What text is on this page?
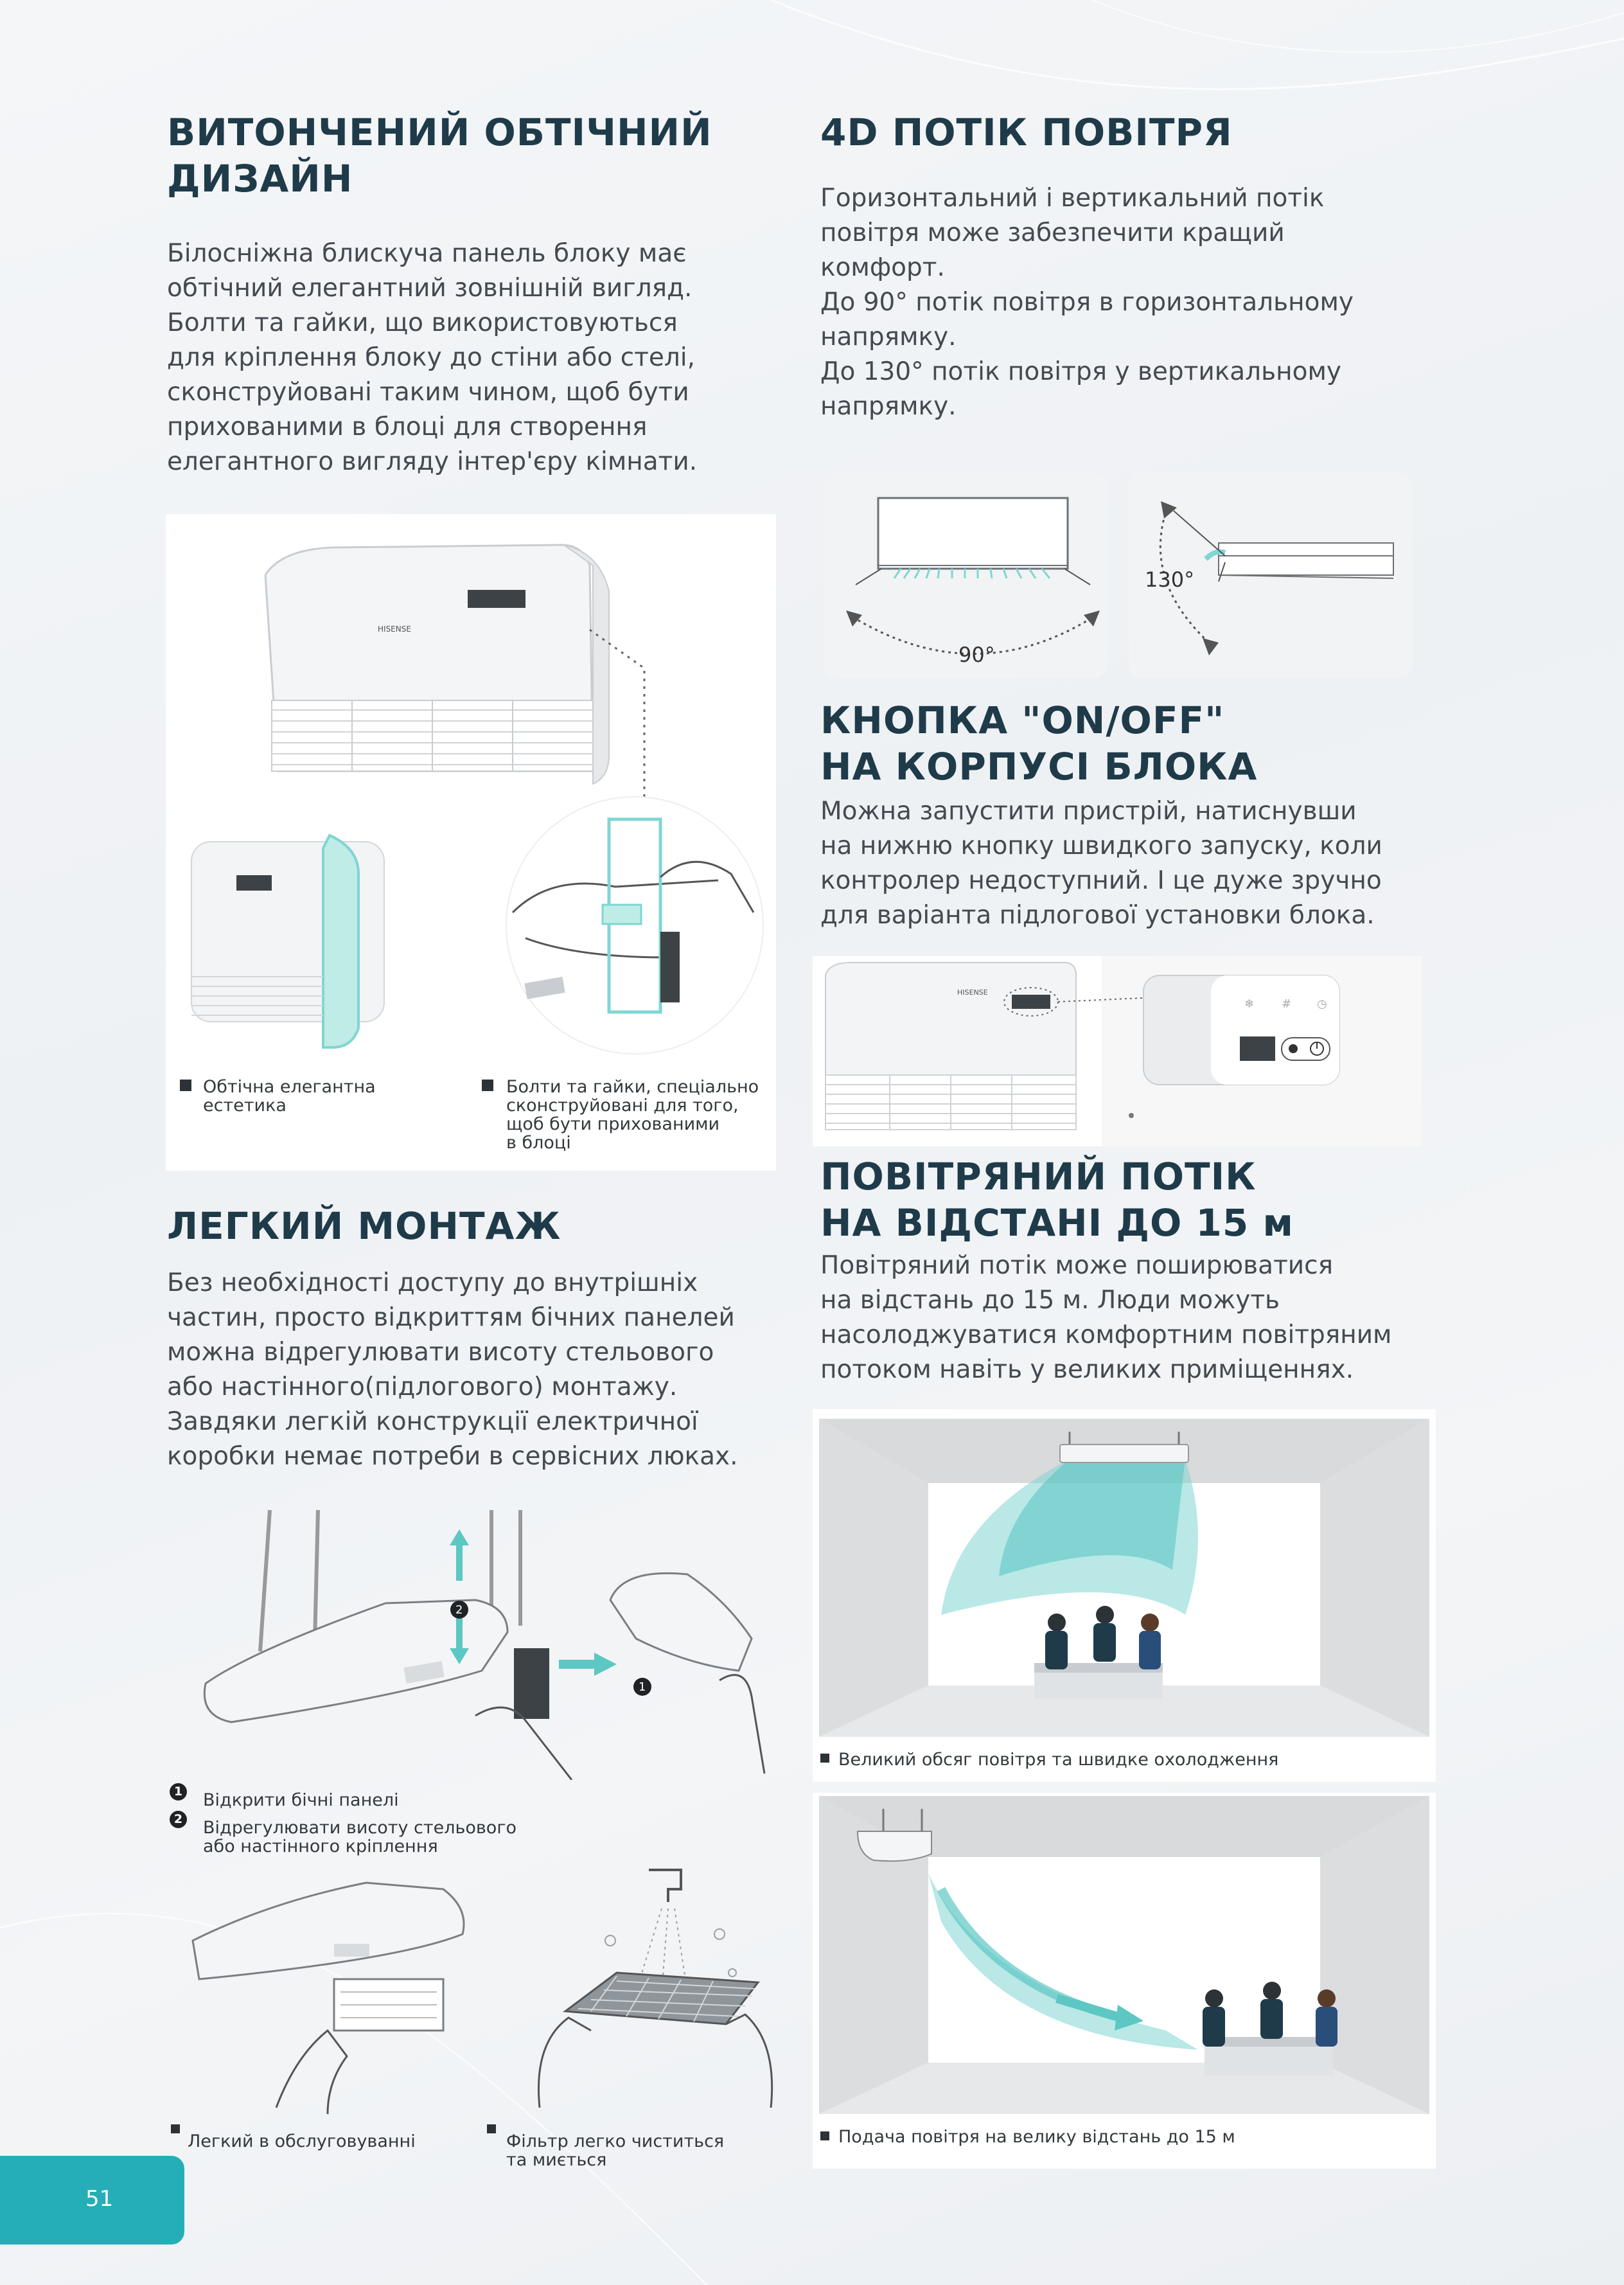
ВИТОНЧЕНИЙ ОБТІЧНИЙ
ДИЗАЙН
Білосніжна блискуча панель блоку має
обтічний елегантний зовнішній вигляд.
Болти та гайки, що використовуються
для кріплення блоку до стіни або стелі,
сконструйовані таким чином, щоб бути
прихованими в блоці для створення
елегантного вигляду інтер'єру кімнати.
HISENSE
Обтічна елегантна
естетика
Болти та гайки, спеціально
сконструйовані для того,
щоб бути прихованими
в блоці
ЛЕГКИЙ МОНТАЖ
Без необхідності доступу до внутрішніх
частин, просто відкриттям бічних панелей
можна відрегулювати висоту стельового
або настінного(підлогового) монтажу.
Завдяки легкій конструкції електричної
коробки немає потреби в сервісних люках.
2
1
1 Відкрити бічні панелі
2 Відрегулювати висоту стельового
або настінного кріплення
Легкий в обслуговуванні	Фільтр легко чиститься
та миється
4D ПОТІК ПОВІТРЯ
Горизонтальний і вертикальний потік
повітря може забезпечити кращий
комфорт.
До 90° потік повітря в горизонтальному
напрямку.
До 130° потік повітря у вертикальному
напрямку.
90°
130°
КНОПКА "ON/OFF"
НА КОРПУСІ БЛОКА
Можна запустити пристрій, натиснувши
на нижню кнопку швидкого запуску, коли
контролер недоступний. І це дуже зручно
для варіанта підлогової установки блока.
HISENSE
❄ # ◷
ПОВІТРЯНИЙ ПОТІК
НА ВІДСТАНІ ДО 15 м
Повітряний потік може поширюватися
на відстань до 15 м. Люди можуть
насолоджуватися комфортним повітряним
потоком навіть у великих приміщеннях.
Великий обсяг повітря та швидке охолодження
Подача повітря на велику відстань до 15 м
51
